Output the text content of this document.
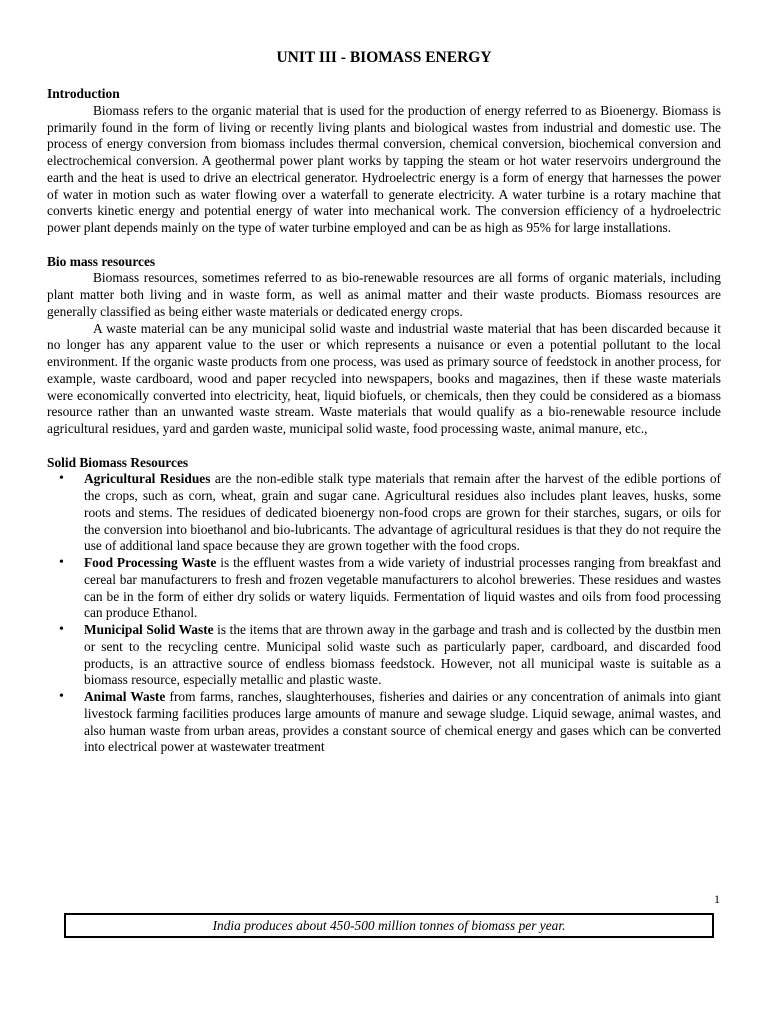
UNIT III - BIOMASS ENERGY
Introduction

Biomass refers to the organic material that is used for the production of energy referred to as Bioenergy. Biomass is primarily found in the form of living or recently living plants and biological wastes from industrial and domestic use. The process of energy conversion from biomass includes thermal conversion, chemical conversion, biochemical conversion and electrochemical conversion. A geothermal power plant works by tapping the steam or hot water reservoirs underground the earth and the heat is used to drive an electrical generator. Hydroelectric energy is a form of energy that harnesses the power of water in motion such as water flowing over a waterfall to generate electricity. A water turbine is a rotary machine that converts kinetic energy and potential energy of water into mechanical work. The conversion efficiency of a hydroelectric power plant depends mainly on the type of water turbine employed and can be as high as 95% for large installations.

Bio mass resources

Biomass resources, sometimes referred to as bio-renewable resources are all forms of organic materials, including plant matter both living and in waste form, as well as animal matter and their waste products. Biomass resources are generally classified as being either waste materials or dedicated energy crops.

A waste material can be any municipal solid waste and industrial waste material that has been discarded because it no longer has any apparent value to the user or which represents a nuisance or even a potential pollutant to the local environment. If the organic waste products from one process, was used as primary source of feedstock in another process, for example, waste cardboard, wood and paper recycled into newspapers, books and magazines, then if these waste materials were economically converted into electricity, heat, liquid biofuels, or chemicals, then they could be considered as a biomass resource rather than an unwanted waste stream. Waste materials that would qualify as a bio-renewable resource include agricultural residues, yard and garden waste, municipal solid waste, food processing waste, animal manure, etc.,

Solid Biomass Resources
• Agricultural Residues are the non-edible stalk type materials that remain after the harvest of the edible portions of the crops, such as corn, wheat, grain and sugar cane. Agricultural residues also includes plant leaves, husks, some roots and stems. The residues of dedicated bioenergy non-food crops are grown for their starches, sugars, or oils for the conversion into bioethanol and bio-lubricants. The advantage of agricultural residues is that they do not require the use of additional land space because they are grown together with the food crops.
• Food Processing Waste is the effluent wastes from a wide variety of industrial processes ranging from breakfast and cereal bar manufacturers to fresh and frozen vegetable manufacturers to alcohol breweries. These residues and wastes can be in the form of either dry solids or watery liquids. Fermentation of liquid wastes and oils from food processing can produce Ethanol.
• Municipal Solid Waste is the items that are thrown away in the garbage and trash and is collected by the dustbin men or sent to the recycling centre. Municipal solid waste such as particularly paper, cardboard, and discarded food products, is an attractive source of endless biomass feedstock. However, not all municipal waste is suitable as a biomass resource, especially metallic and plastic waste.
• Animal Waste from farms, ranches, slaughterhouses, fisheries and dairies or any concentration of animals into giant livestock farming facilities produces large amounts of manure and sewage sludge. Liquid sewage, animal wastes, and also human waste from urban areas, provides a constant source of chemical energy and gases which can be converted into electrical power at wastewater treatment
1
India produces about 450-500 million tonnes of biomass per year.
